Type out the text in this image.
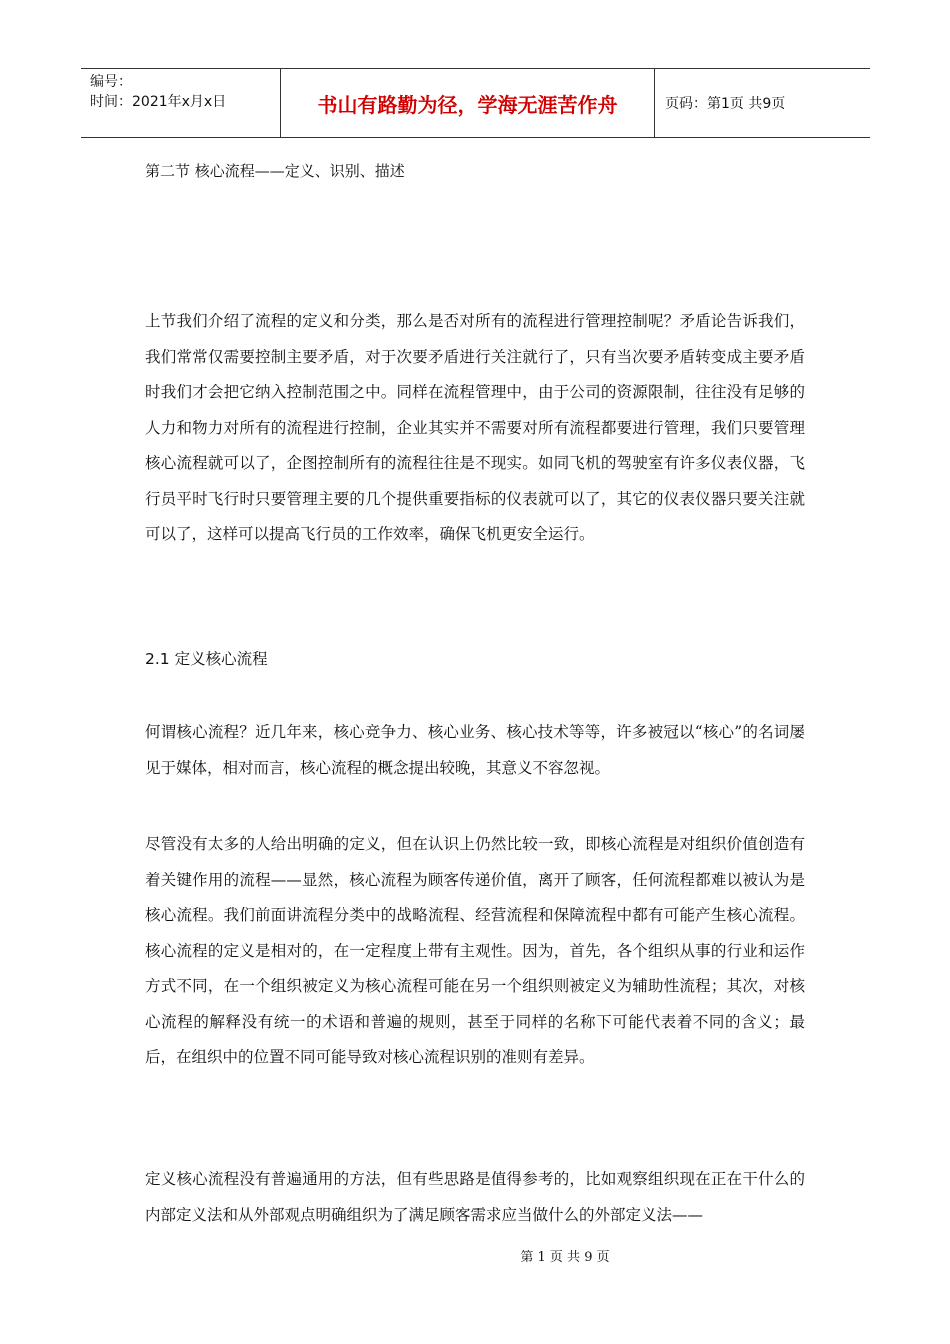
编号：
时间：2021年x月x日	书山有路勤为径，学海无涯苦作舟	页码：第1页 共9页
第二节 核心流程——定义、识别、描述

上节我们介绍了流程的定义和分类，那么是否对所有的流程进行管理控制呢？矛盾论告诉我们，我们常常仅需要控制主要矛盾，对于次要矛盾进行关注就行了，只有当次要矛盾转变成主要矛盾时我们才会把它纳入控制范围之中。同样在流程管理中，由于公司的资源限制，往往没有足够的人力和物力对所有的流程进行控制，企业其实并不需要对所有流程都要进行管理，我们只要管理核心流程就可以了，企图控制所有的流程往往是不现实。如同飞机的驾驶室有许多仪表仪器，飞行员平时飞行时只要管理主要的几个提供重要指标的仪表就可以了，其它的仪表仪器只要关注就可以了，这样可以提高飞行员的工作效率，确保飞机更安全运行。

2.1 定义核心流程

何谓核心流程？近几年来，核心竞争力、核心业务、核心技术等等，许多被冠以“核心”的名词屡见于媒体，相对而言，核心流程的概念提出较晚，其意义不容忽视。

尽管没有太多的人给出明确的定义，但在认识上仍然比较一致，即核心流程是对组织价值创造有着关键作用的流程——显然，核心流程为顾客传递价值，离开了顾客，任何流程都难以被认为是核心流程。我们前面讲流程分类中的战略流程、经营流程和保障流程中都有可能产生核心流程。核心流程的定义是相对的，在一定程度上带有主观性。因为，首先，各个组织从事的行业和运作方式不同，在一个组织被定义为核心流程可能在另一个组织则被定义为辅助性流程；其次，对核心流程的解释没有统一的术语和普遍的规则，甚至于同样的名称下可能代表着不同的含义；最后，在组织中的位置不同可能导致对核心流程识别的准则有差异。

定义核心流程没有普遍通用的方法，但有些思路是值得参考的，比如观察组织现在正在干什么的内部定义法和从外部观点明确组织为了满足顾客需求应当做什么的外部定义法——

第 1 页 共 9 页
